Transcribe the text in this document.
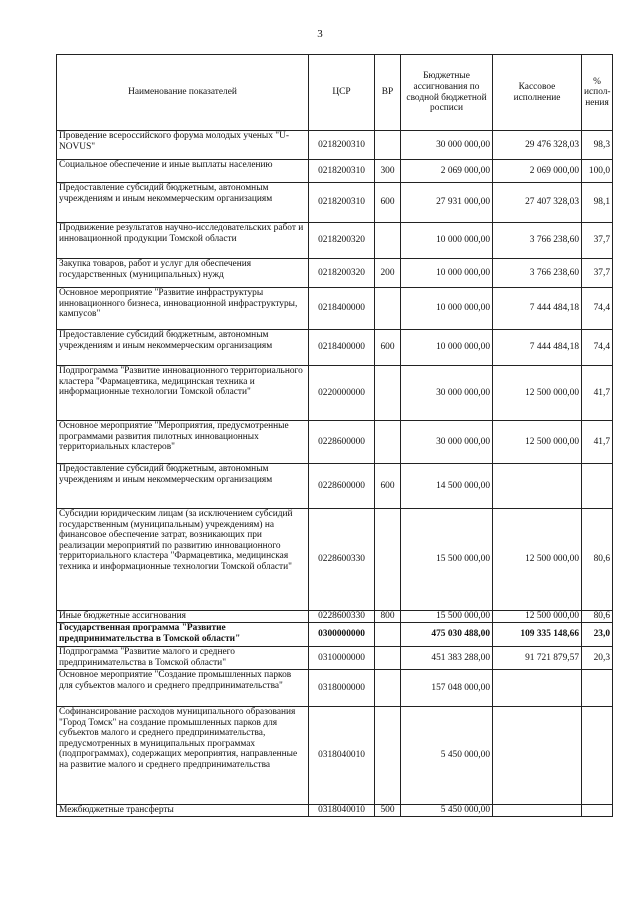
3
Наименование показателей	ЦСР	ВР	Бюджетные ассигнования по сводной бюджетной росписи	Кассовое исполнение	% испол-нения
Проведение всероссийского форума молодых ученых "U-NOVUS"	0218200310		30 000 000,00	29 476 328,03	98,3
Социальное обеспечение и иные выплаты населению	0218200310	300	2 069 000,00	2 069 000,00	100,0
Предоставление субсидий бюджетным, автономным учреждениям и иным некоммерческим организациям	0218200310	600	27 931 000,00	27 407 328,03	98,1
Продвижение результатов научно-исследовательских работ и инновационной продукции Томской области	0218200320		10 000 000,00	3 766 238,60	37,7
Закупка товаров, работ и услуг для обеспечения государственных (муниципальных) нужд	0218200320	200	10 000 000,00	3 766 238,60	37,7
Основное мероприятие "Развитие инфраструктуры инновационного бизнеса, инновационной инфраструктуры, кампусов"	0218400000		10 000 000,00	7 444 484,18	74,4
Предоставление субсидий бюджетным, автономным учреждениям и иным некоммерческим организациям	0218400000	600	10 000 000,00	7 444 484,18	74,4
Подпрограмма "Развитие инновационного территориального кластера "Фармацевтика, медицинская техника и информационные технологии Томской области"	0220000000		30 000 000,00	12 500 000,00	41,7
Основное мероприятие "Мероприятия, предусмотренные программами развития пилотных инновационных территориальных кластеров"	0228600000		30 000 000,00	12 500 000,00	41,7
Предоставление субсидий бюджетным, автономным учреждениям и иным некоммерческим организациям	0228600000	600	14 500 000,00		
Субсидии юридическим лицам (за исключением субсидий государственным (муниципальным) учреждениям) на финансовое обеспечение затрат, возникающих при реализации мероприятий по развитию инновационного территориального кластера "Фармацевтика, медицинская техника и информационные технологии Томской области"	0228600330		15 500 000,00	12 500 000,00	80,6
Иные бюджетные ассигнования	0228600330	800	15 500 000,00	12 500 000,00	80,6
Государственная программа "Развитие предпринимательства в Томской области"	0300000000		475 030 488,00	109 335 148,66	23,0
Подпрограмма "Развитие малого и среднего предпринимательства в Томской области"	0310000000		451 383 288,00	91 721 879,57	20,3
Основное мероприятие "Создание промышленных парков для субъектов малого и среднего предпринимательства"	0318000000		157 048 000,00		
Софинансирование расходов муниципального образования "Город Томск" на создание промышленных парков для субъектов малого и среднего предпринимательства, предусмотренных в муниципальных программах (подпрограммах), содержащих мероприятия, направленные на развитие малого и среднего предпринимательства	0318040010		5 450 000,00		
Межбюджетные трансферты	0318040010	500	5 450 000,00		
